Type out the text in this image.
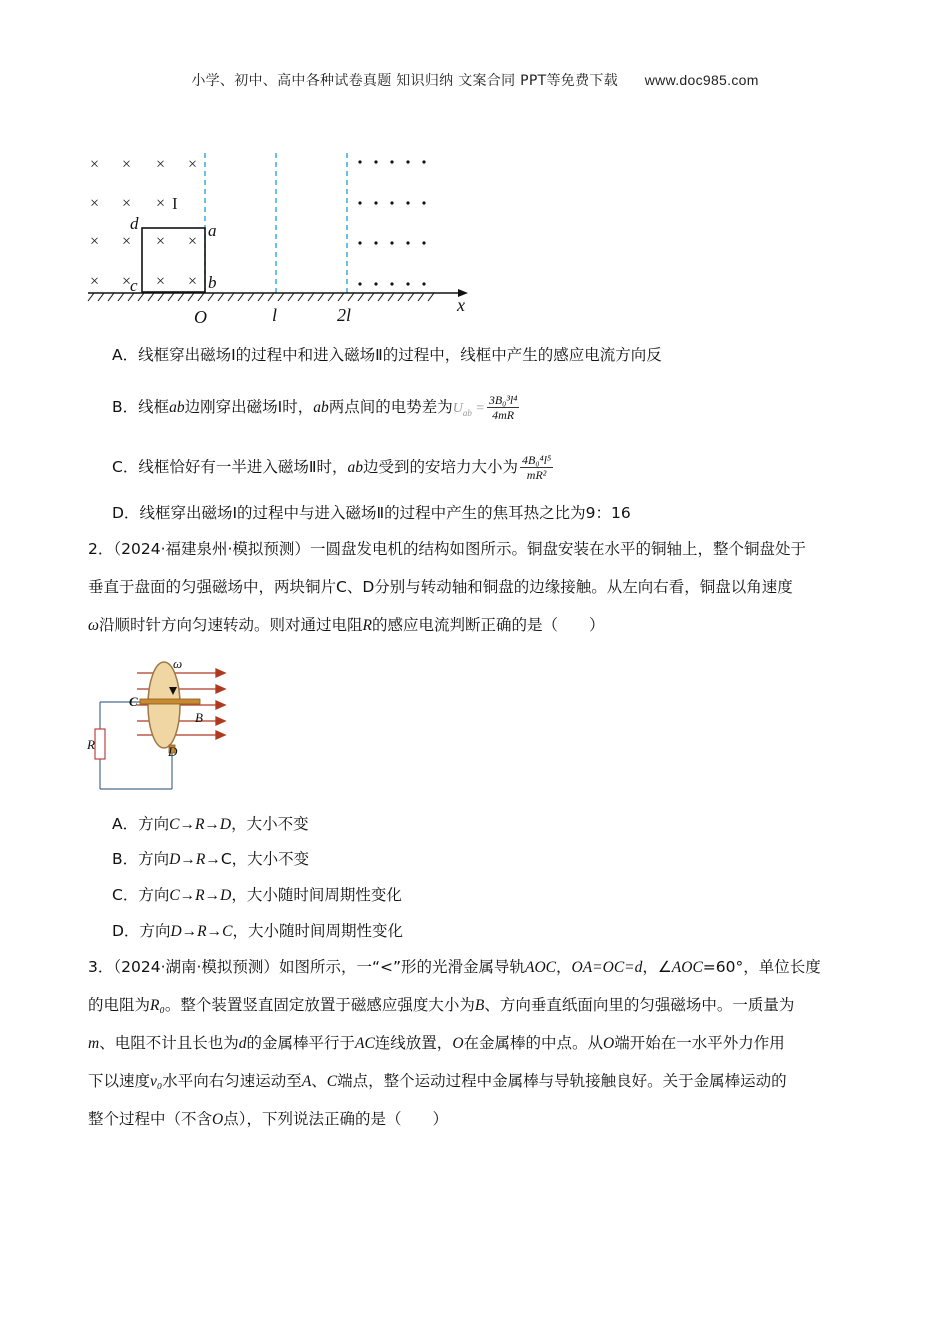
小学、初中、高中各种试卷真题 知识归纳 文案合同 PPT等免费下载 www.doc985.com
× × × ×
× × ×
× × × ×
× × × ×
I
d	a
c	b
O	l	2l	x
A．线框穿出磁场Ⅰ的过程中和进入磁场Ⅱ的过程中，线框中产生的感应电流方向反
B．线框ab边刚穿出磁场Ⅰ时，ab两点间的电势差为$U_{ab} = \frac{\text{3B₀³l⁴}}{4mR}$
C．线框恰好有一半进入磁场Ⅱ时，ab边受到的安培力大小为 $\frac{\text{4B₀⁴l⁵}}{\text{mR²}}$
D．线框穿出磁场Ⅰ的过程中与进入磁场Ⅱ的过程中产生的焦耳热之比为9：16
2．（2024·福建泉州·模拟预测）一圆盘发电机的结构如图所示。铜盘安装在水平的铜轴上，整个铜盘处于
垂直于盘面的匀强磁场中，两块铜片C、D分别与转动轴和铜盘的边缘接触。从左向右看，铜盘以角速度
ω沿顺时针方向匀速转动。则对通过电阻R的感应电流判断正确的是（　　）
R
ω
C
B
D
A．方向C→R→D，大小不变
B．方向D→R→C，大小不变
C．方向C→R→D，大小随时间周期性变化
D．方向D→R→C，大小随时间周期性变化
3．（2024·湖南·模拟预测）如图所示，一“<”形的光滑金属导轨AOC，OA=OC=d，∠AOC=60°，单位长度
的电阻为R₀。整个装置竖直固定放置于磁感应强度大小为B、方向垂直纸面向里的匀强磁场中。一质量为
m、电阻不计且长也为d的金属棒平行于AC连线放置，O在金属棒的中点。从O端开始在一水平外力作用
下以速度v₀水平向右匀速运动至A、C端点，整个运动过程中金属棒与导轨接触良好。关于金属棒运动的
整个过程中（不含O点），下列说法正确的是（　　）
